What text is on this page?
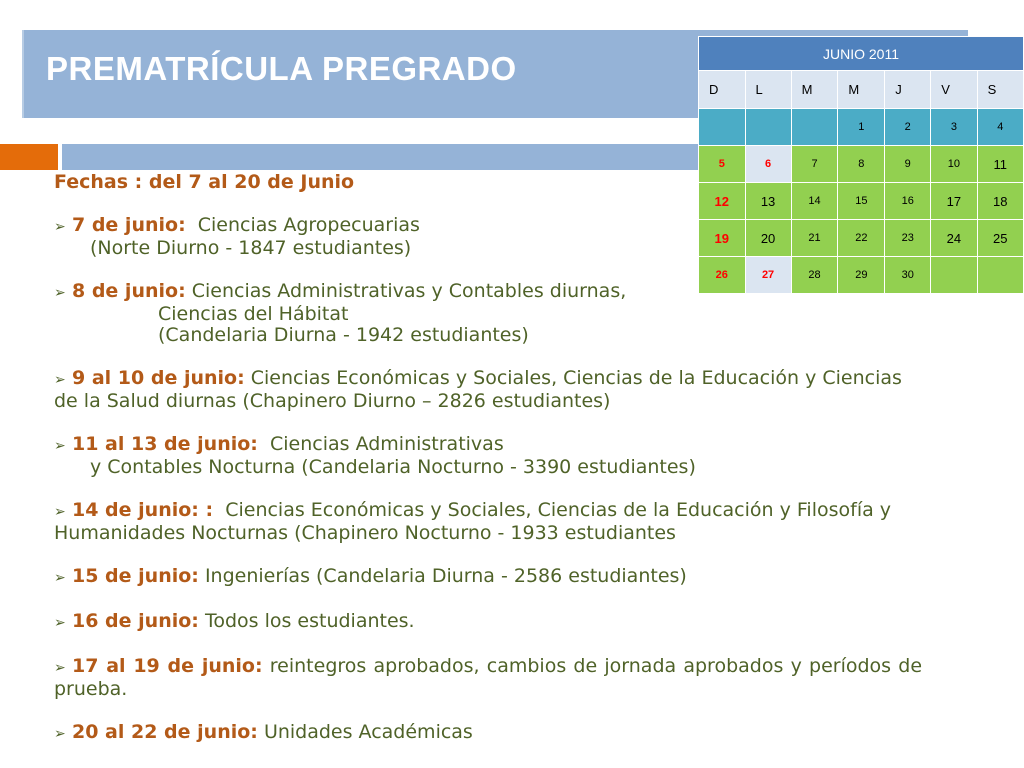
PREMATRÍCULA PREGRADO	JUNIO 2011						
D	L	M	M	J	V	S
			1	2	3	4
5	6	7	8	9	10	11
12	13	14	15	16	17	18
19	20	21	22	23	24	25
26	27	28	29	30		

Fechas : del 7 al 20 de Junio

➢ 7 de junio: Ciencias Agropecuarias

(Norte Diurno - 1847 estudiantes)

➢ 8 de junio: Ciencias Administrativas y Contables diurnas,

Ciencias del Hábitat

(Candelaria Diurna - 1942 estudiantes)

➢ 9 al 10 de junio: Ciencias Económicas y Sociales, Ciencias de la Educación y Ciencias de la Salud diurnas (Chapinero Diurno – 2826 estudiantes)

➢ 11 al 13 de junio: Ciencias Administrativas

y Contables Nocturna (Candelaria Nocturno - 3390 estudiantes)

➢ 14 de junio: : Ciencias Económicas y Sociales, Ciencias de la Educación y Filosofía y Humanidades Nocturnas (Chapinero Nocturno - 1933 estudiantes

➢ 15 de junio: Ingenierías (Candelaria Diurna - 2586 estudiantes)

➢ 16 de junio: Todos los estudiantes.

➢ 17 al 19 de junio: reintegros aprobados, cambios de jornada aprobados y períodos de prueba.

➢ 20 al 22 de junio: Unidades Académicas
